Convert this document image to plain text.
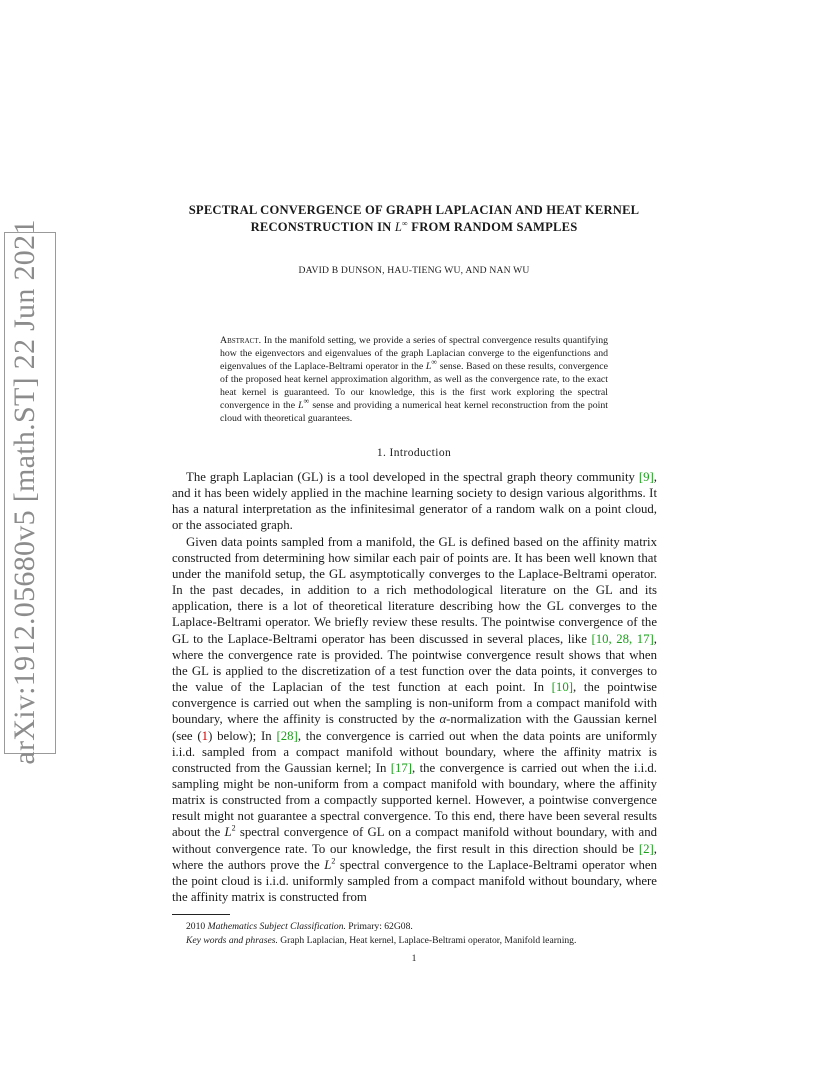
arXiv:1912.05680v5 [math.ST] 22 Jun 2021
SPECTRAL CONVERGENCE OF GRAPH LAPLACIAN AND HEAT KERNEL
RECONSTRUCTION IN L∞ FROM RANDOM SAMPLES
DAVID B DUNSON, HAU-TIENG WU, AND NAN WU
Abstract. In the manifold setting, we provide a series of spectral convergence results quantifying how the eigenvectors and eigenvalues of the graph Laplacian converge to the eigenfunctions and eigenvalues of the Laplace-Beltrami operator in the L∞ sense. Based on these results, convergence of the proposed heat kernel approximation algorithm, as well as the convergence rate, to the exact heat kernel is guaranteed. To our knowledge, this is the first work exploring the spectral convergence in the L∞ sense and providing a numerical heat kernel reconstruction from the point cloud with theoretical guarantees.
1. Introduction

The graph Laplacian (GL) is a tool developed in the spectral graph theory community [9], and it has been widely applied in the machine learning society to design various algorithms. It has a natural interpretation as the infinitesimal generator of a random walk on a point cloud, or the associated graph.

Given data points sampled from a manifold, the GL is defined based on the affinity matrix constructed from determining how similar each pair of points are. It has been well known that under the manifold setup, the GL asymptotically converges to the Laplace-Beltrami operator. In the past decades, in addition to a rich methodological literature on the GL and its application, there is a lot of theoretical literature describing how the GL converges to the Laplace-Beltrami operator. We briefly review these results. The pointwise convergence of the GL to the Laplace-Beltrami operator has been discussed in several places, like [10, 28, 17], where the convergence rate is provided. The pointwise convergence result shows that when the GL is applied to the discretization of a test function over the data points, it converges to the value of the Laplacian of the test function at each point. In [10], the pointwise convergence is carried out when the sampling is non-uniform from a compact manifold with boundary, where the affinity is constructed by the α-normalization with the Gaussian kernel (see (1) below); In [28], the convergence is carried out when the data points are uniformly i.i.d. sampled from a compact manifold without boundary, where the affinity matrix is constructed from the Gaussian kernel; In [17], the convergence is carried out when the i.i.d. sampling might be non-uniform from a compact manifold with boundary, where the affinity matrix is constructed from a compactly supported kernel. However, a pointwise convergence result might not guarantee a spectral convergence. To this end, there have been several results about the $L^2$ spectral convergence of GL on a compact manifold without boundary, with and without convergence rate. To our knowledge, the first result in this direction should be [2], where the authors prove the $L^2$ spectral convergence to the Laplace-Beltrami operator when the point cloud is i.i.d. uniformly sampled from a compact manifold without boundary, where the affinity matrix is constructed from

2010 Mathematics Subject Classification. Primary: 62G08.
Key words and phrases. Graph Laplacian, Heat kernel, Laplace-Beltrami operator, Manifold learning.
1
